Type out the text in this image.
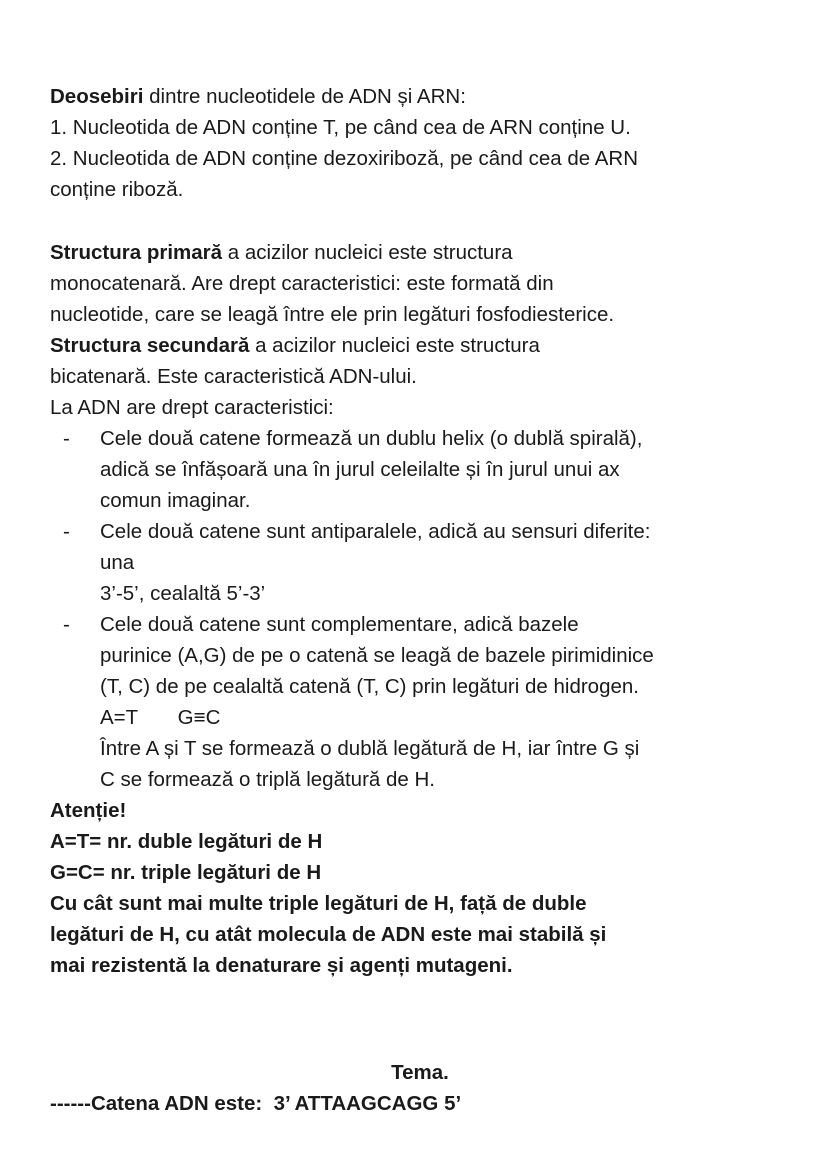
Deosebiri dintre nucleotidele de ADN și ARN:
1. Nucleotida de ADN conține T, pe când cea de ARN conține U.
2. Nucleotida de ADN conține dezoxiriboză, pe când cea de ARN
conține riboză.
Structura primară a acizilor nucleici este structura
monocatenară. Are drept caracteristici: este formată din
nucleotide, care se leagă între ele prin legături fosfodiesterice.
Structura secundară a acizilor nucleici este structura
bicatenară. Este caracteristică ADN-ului.
La ADN are drept caracteristici:
- Cele două catene formează un dublu helix (o dublă spirală),
adică se înfășoară una în jurul celeilalte și în jurul unui ax
comun imaginar.
- Cele două catene sunt antiparalele, adică au sensuri diferite:
una
3’-5’, cealaltă 5’-3’
- Cele două catene sunt complementare, adică bazele
purinice (A,G) de pe o catenă se leagă de bazele pirimidinice
(T, C) de pe cealaltă catenă (T, C) prin legături de hidrogen.
A=T       G≡C
Între A și T se formează o dublă legătură de H, iar între G și
C se formează o triplă legătură de H.
Atenție!
A=T= nr. duble legături de H
G=C= nr. triple legături de H
Cu cât sunt mai multe triple legături de H, față de duble
legături de H, cu atât molecula de ADN este mai stabilă și
mai rezistentă la denaturare și agenți mutageni.
Tema.
------Catena ADN este:  3’ ATTAAGCAGG 5’
